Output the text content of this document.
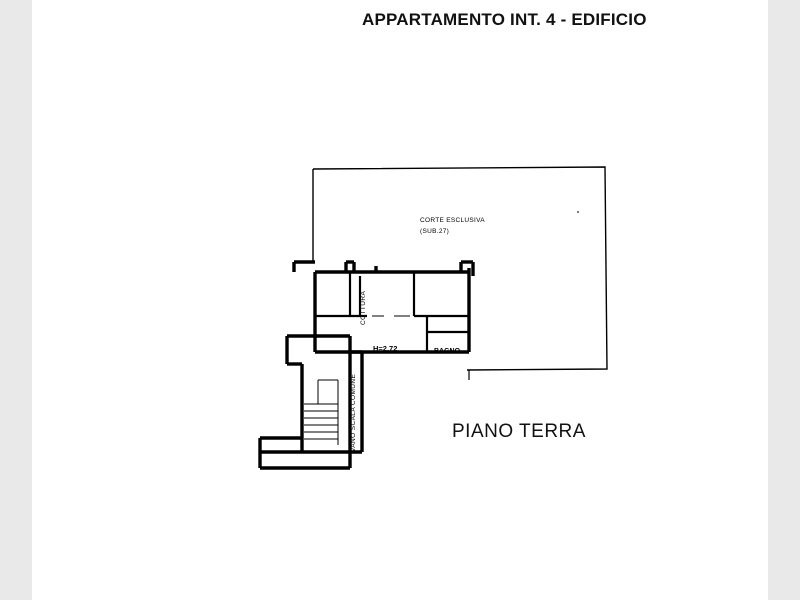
APPARTAMENTO INT. 4 - EDIFICIO
CORTE ESCLUSIVA
(SUB.27)
COTTURA
BAGNO
VANO SCALA COMUNE
H=2.72
PIANO TERRA
